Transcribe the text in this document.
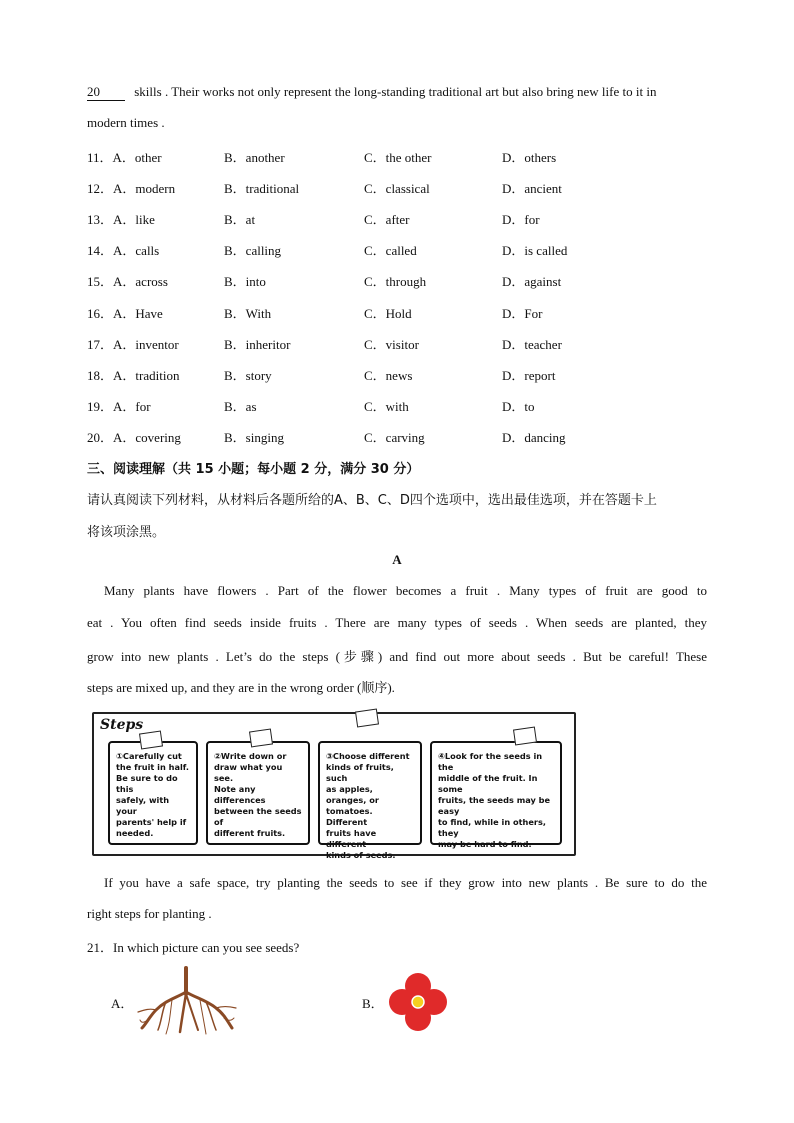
20	skills . Their works not only represent the long-standing traditional art but also bring new life to it in
modern times .
11．A．other	B．another	C．the other	D．others
12．A．modern	B．traditional	C．classical	D．ancient
13．A．like	B．at	C．after	D．for
14．A．calls	B．calling	C．called	D．is called
15．A．across	B．into	C．through	D．against
16．A．Have	B．With	C．Hold	D．For
17．A．inventor	B．inheritor	C．visitor	D．teacher
18．A．tradition	B．story	C．news	D．report
19．A．for	B．as	C．with	D．to
20．A．covering	B．singing	C．carving	D．dancing
三、阅读理解（共 15 小题；每小题 2 分，满分 30 分）
请认真阅读下列材料，从材料后各题所给的A、B、C、D四个选项中，选出最佳选项，并在答题卡上
将该项涂黑。
A
Many plants have flowers . Part of the flower becomes a fruit . Many types of fruit are good to
eat . You often find seeds inside fruits . There are many types of seeds . When seeds are planted, they
grow into new plants . Let’s do the steps (步骤) and find out more about seeds . But be careful! These
steps are mixed up, and they are in the wrong order (顺序).
Steps
①Carefully cut
the fruit in half.
Be sure to do this
safely, with your
parents' help if
needed.
②Write down or
draw what you see.
Note any differences
between the seeds of
different fruits.
③Choose different
kinds of fruits, such
as apples, oranges, or
tomatoes. Different
fruits have different
kinds of seeds.
④Look for the seeds in the
middle of the fruit. In some
fruits, the seeds may be easy
to find, while in others, they
may be hard to find.
If you have a safe space, try planting the seeds to see if they grow into new plants . Be sure to do the
right steps for planting .
21．In which picture can you see seeds?
A．	B．
